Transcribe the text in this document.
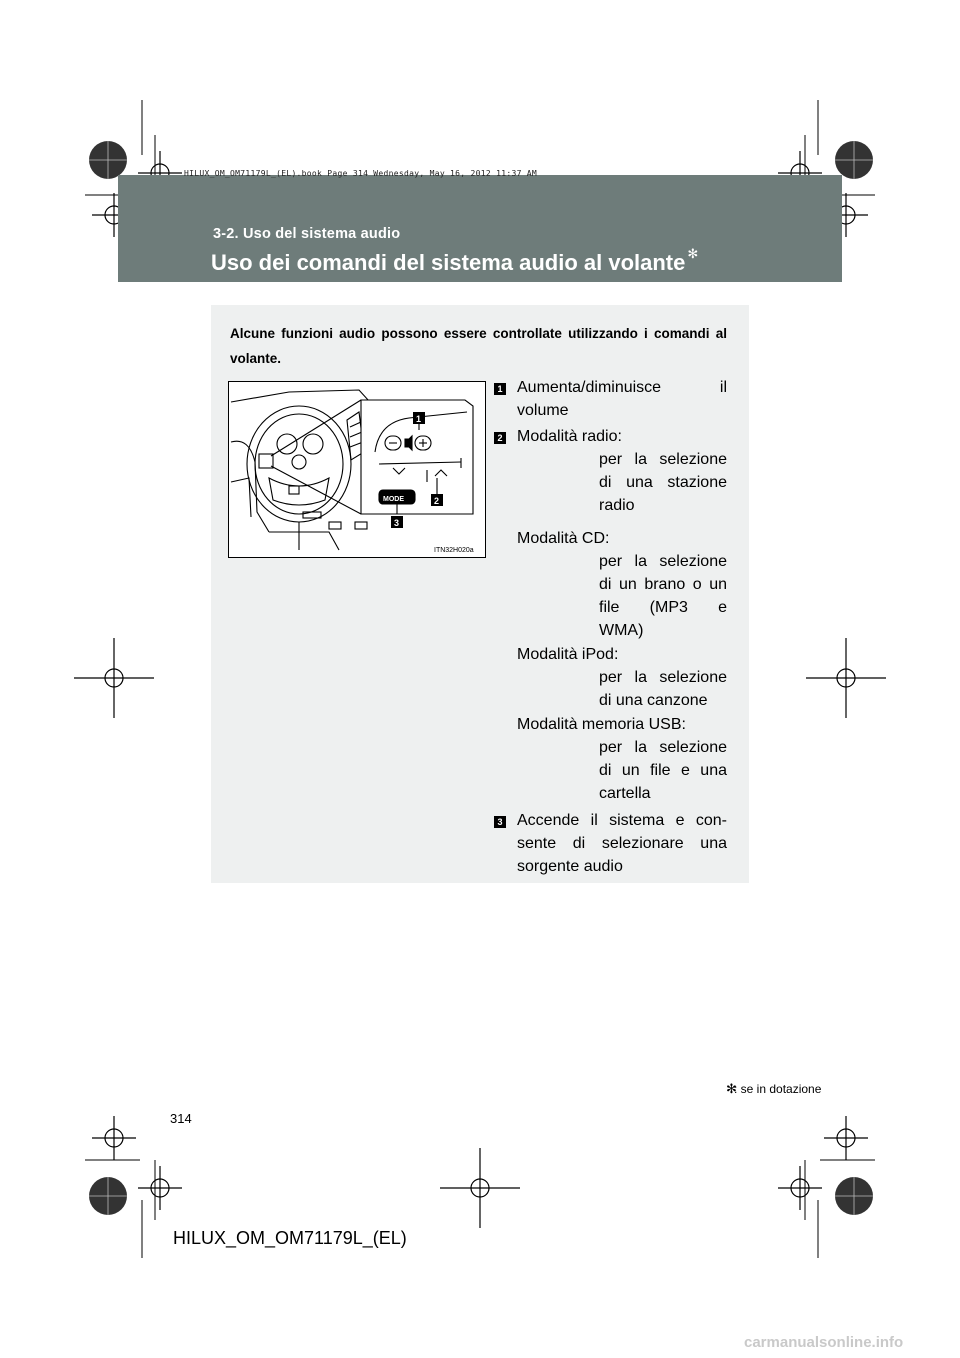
HILUX_OM_OM71179L_(EL).book Page 314 Wednesday, May 16, 2012 11:37 AM
3-2. Uso del sistema audio
Uso dei comandi del sistema audio al volante ✻
Alcune funzioni audio possono essere controllate utilizzando i comandi al volante.
MODE
1
2
3
ITN32H020a
1 Aumenta/diminuisce il
volume
2 Modalità radio:
per la selezione
di una stazione
radio
Modalità CD:
per la selezione
di un brano o un
file (MP3 e
WMA)
Modalità iPod:
per la selezione
di una canzone
Modalità memoria USB:
per la selezione
di un file e una
cartella
3 Accende il sistema e con-
sente di selezionare una
sorgente audio
✻
: se in dotazione
314
HILUX_OM_OM71179L_(EL)
carmanualsonline.info
